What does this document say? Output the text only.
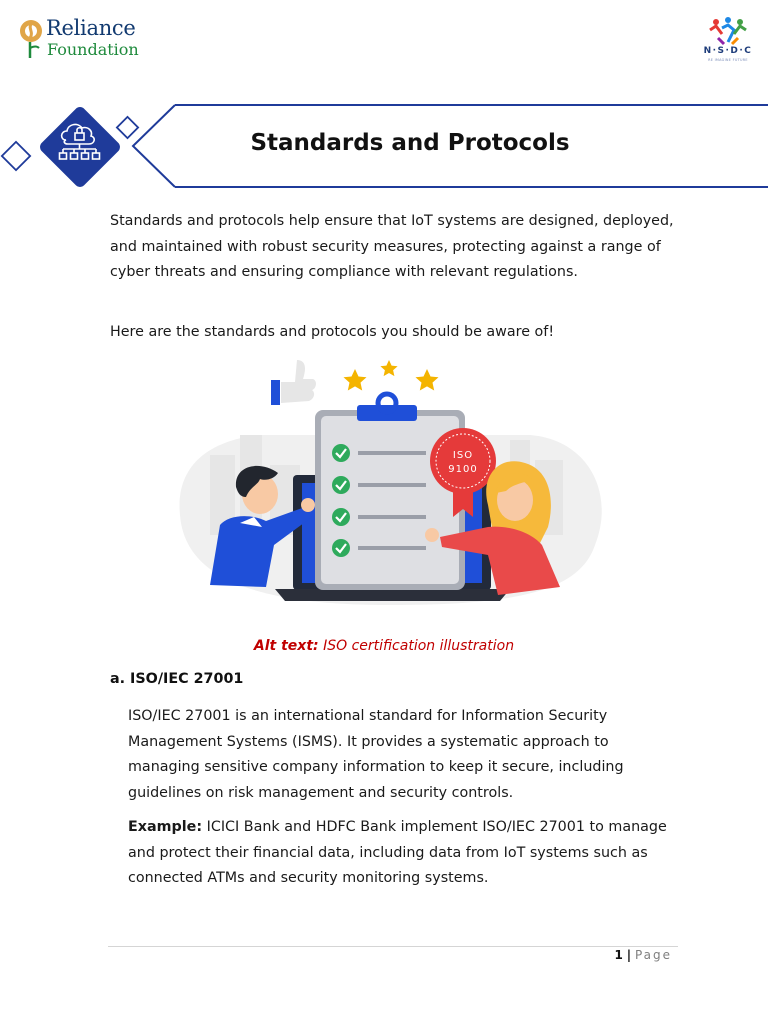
Reliance
Foundation	N·S·D·C
RE IMAGINE FUTURE
Standards and Protocols
Standards and protocols help ensure that IoT systems are designed, deployed, and maintained with robust security measures, protecting against a range of cyber threats and ensuring compliance with relevant regulations.
Here are the standards and protocols you should be aware of!
ISO
9100
Alt text: ISO certification illustration
a. ISO/IEC 27001
ISO/IEC 27001 is an international standard for Information Security Management Systems (ISMS). It provides a systematic approach to managing sensitive company information to keep it secure, including guidelines on risk management and security controls.
Example: ICICI Bank and HDFC Bank implement ISO/IEC 27001 to manage and protect their financial data, including data from IoT systems such as connected ATMs and security monitoring systems.
1 | Page
